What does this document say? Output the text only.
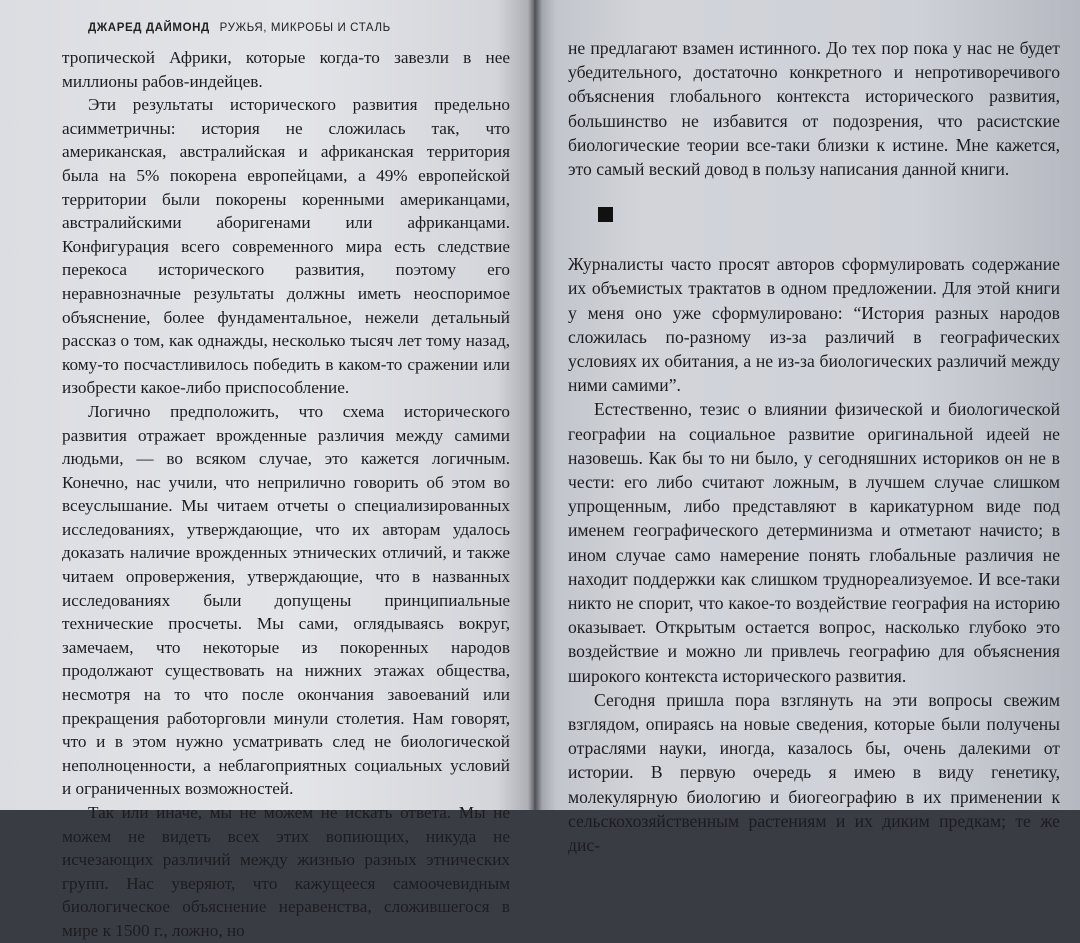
ДЖАРЕД ДАЙМОНД РУЖЬЯ, МИКРОБЫ И СТАЛЬ

тропической Африки, которые когда-то завезли в нее миллионы рабов-индейцев.

Эти результаты исторического развития предельно асимметричны: история не сложилась так, что американская, австралийская и африканская территория была на 5% покорена европейцами, а 49% европейской территории были покорены коренными американцами, австралийскими аборигенами или африканцами. Конфигурация всего современного мира есть следствие перекоса исторического развития, поэтому его неравнозначные результаты должны иметь неоспоримое объяснение, более фундаментальное, нежели детальный рассказ о том, как однажды, несколько тысяч лет тому назад, кому-то посчастливилось победить в каком-то сражении или изобрести какое-либо приспособление.

Логично предположить, что схема исторического развития отражает врожденные различия между самими людьми, — во всяком случае, это кажется логичным. Конечно, нас учили, что неприлично говорить об этом во всеуслышание. Мы читаем отчеты о специализированных исследованиях, утверждающие, что их авторам удалось доказать наличие врожденных этнических отличий, и также читаем опровержения, утверждающие, что в названных исследованиях были допущены принципиальные технические просчеты. Мы сами, оглядываясь вокруг, замечаем, что некоторые из покоренных народов продолжают существовать на нижних этажах общества, несмотря на то что после окончания завоеваний или прекращения работорговли минули столетия. Нам говорят, что и в этом нужно усматривать след не биологической неполноценности, а неблагоприятных социальных условий и ограниченных возможностей.

Так или иначе, мы не можем не искать ответа. Мы не можем не видеть всех этих вопиющих, никуда не исчезающих различий между жизнью разных этнических групп. Нас уверяют, что кажущееся самоочевидным биологическое объяснение неравенства, сложившегося в мире к 1500 г., ложно, но

не предлагают взамен истинного. До тех пор пока у нас не будет убедительного, достаточно конкретного и непротиворечивого объяснения глобального контекста исторического развития, большинство не избавится от подозрения, что расистские биологические теории все-таки близки к истине. Мне кажется, это самый веский довод в пользу написания данной книги.

Журналисты часто просят авторов сформулировать содержание их объемистых трактатов в одном предложении. Для этой книги у меня оно уже сформулировано: “История разных народов сложилась по-разному из-за различий в географических условиях их обитания, а не из-за биологических различий между ними самими”.

Естественно, тезис о влиянии физической и биологической географии на социальное развитие оригинальной идеей не назовешь. Как бы то ни было, у сегодняшних историков он не в чести: его либо считают ложным, в лучшем случае слишком упрощенным, либо представляют в карикатурном виде под именем географического детерминизма и отметают начисто; в ином случае само намерение понять глобальные различия не находит поддержки как слишком труднореализуемое. И все-таки никто не спорит, что какое-то воздействие география на историю оказывает. Открытым остается вопрос, насколько глубоко это воздействие и можно ли привлечь географию для объяснения широкого контекста исторического развития.

Сегодня пришла пора взглянуть на эти вопросы свежим взглядом, опираясь на новые сведения, которые были получены отраслями науки, иногда, казалось бы, очень далекими от истории. В первую очередь я имею в виду генетику, молекулярную биологию и биогеографию в их применении к сельскохозяйственным растениям и их диким предкам; те же дис-
